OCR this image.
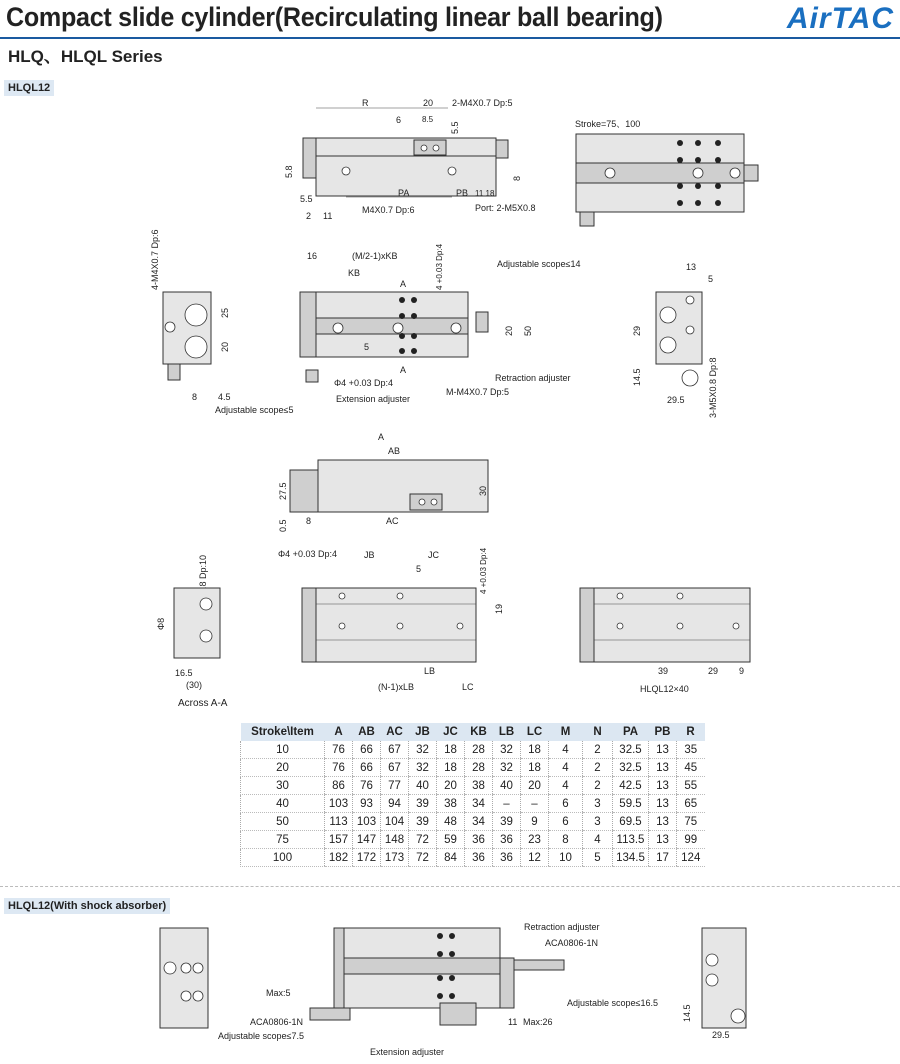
Compact slide cylinder(Recirculating linear ball bearing)	AirTAC
HLQ、HLQL Series
HLQL12
HLQL12(With shock absorber)
R	20 2-M4X0.7 Dp:5
6	8.5
5.5
5.8
5.5
2 11
PA	PB 11 18
8
M4X0.7 Dp:6	Port: 2-M5X0.8
Stroke=75、100
4-M4X0.7 Dp:6
25
20
8 4.5
Adjustable scope≤5
16	(M/2-1)xKB
KB
A
A
4 +0.03 Dp:4	Adjustable scope≤14
20 50
5
Φ4 +0.03 Dp:4
M-M4X0.7 Dp:5
Retraction adjuster
Extension adjuster
13
5
29
14.5
29.5	3-M5X0.8 Dp:8
A
AB
27.5
0.5 8	AC
30
Φ8
16.5
(30)
Across A-A
Φ4 +0.03 Dp:4	JB	JC
5	4 +0.03 Dp:4
19
LB
(N-1)xLB	LC
39	29 9
HLQL12×40
Retraction adjuster
ACA0806-1N
Max:5
Adjustable scope≤16.5
ACA0806-1N
Adjustable scope≤7.5
11 Max:26
Extension adjuster
14.5
29.5
Stroke\Item	A	AB	AC	JB	JC	KB	LB	LC	M	N	PA	PB	R
10	76	66	67	32	18	28	32	18	4	2	32.5	13	35
20	76	66	67	32	18	28	32	18	4	2	32.5	13	45
30	86	76	77	40	20	38	40	20	4	2	42.5	13	55
40	103	93	94	39	38	34	–	–	6	3	59.5	13	65
50	113	103	104	39	48	34	39	9	6	3	69.5	13	75
75	157	147	148	72	59	36	36	23	8	4	113.5	13	99
100	182	172	173	72	84	36	36	12	10	5	134.5	17	124
